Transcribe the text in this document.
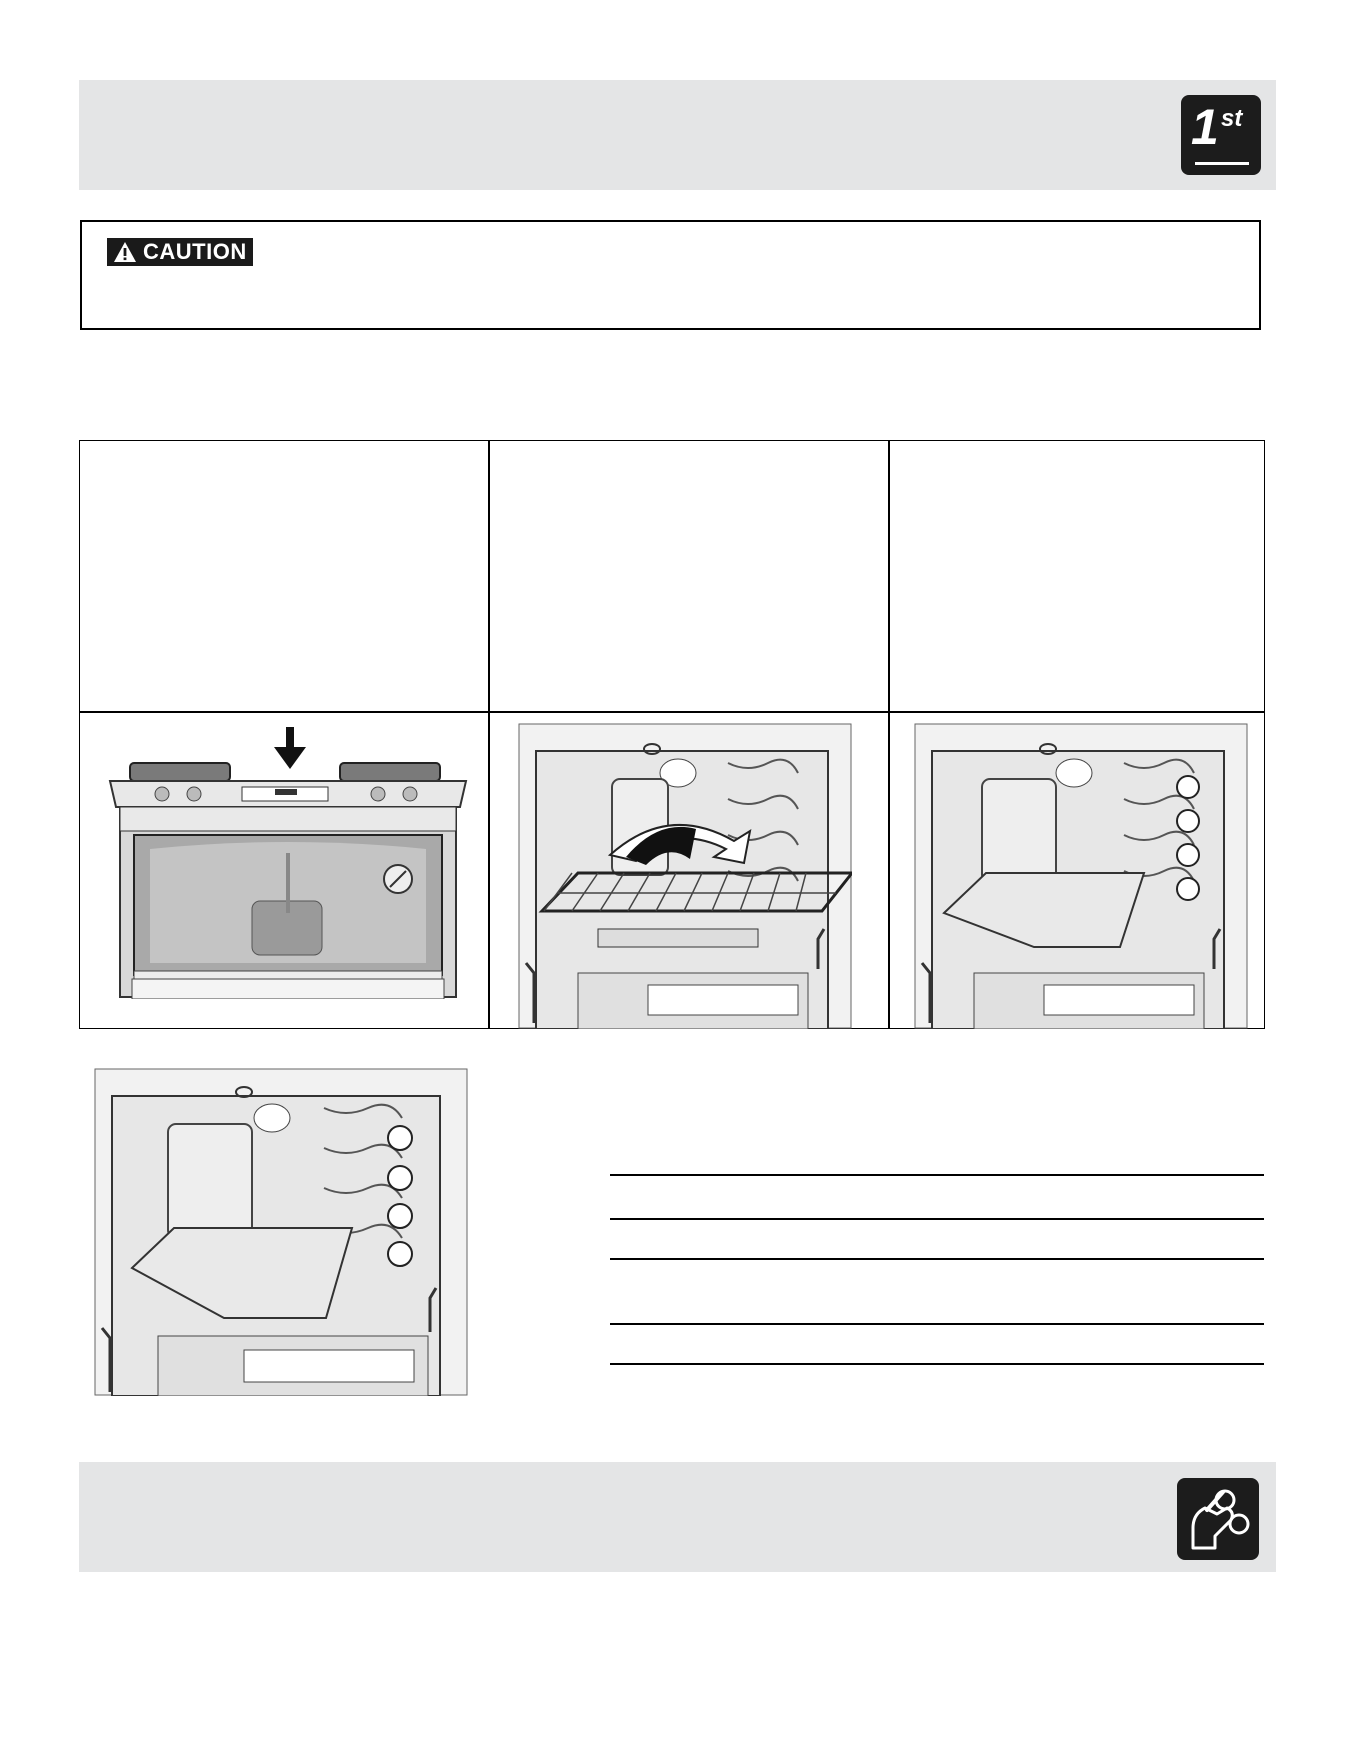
1 st
CAUTION
